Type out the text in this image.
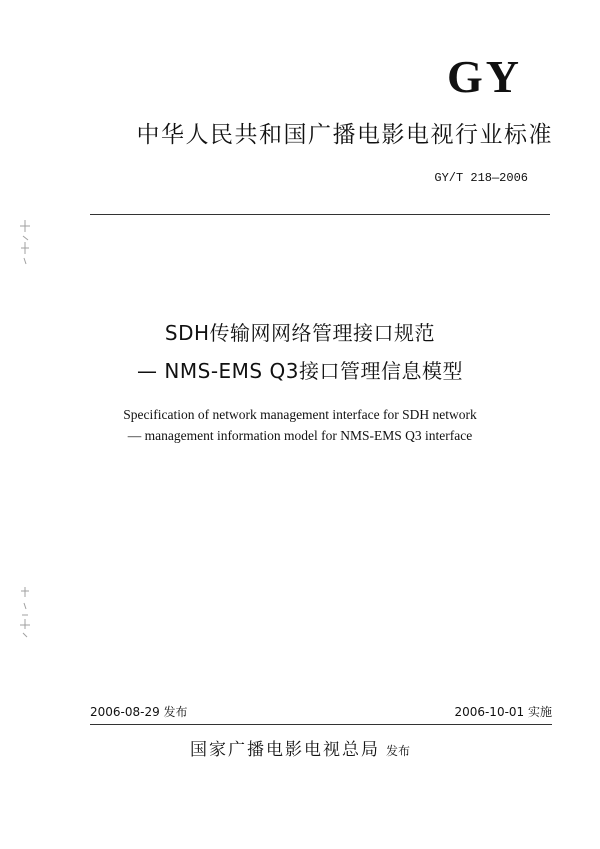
GY
中华人民共和国广播电影电视行业标准
GY/T 218—2006
SDH传输网网络管理接口规范
— NMS-EMS Q3接口管理信息模型
Specification of network management interface for SDH network
— management information model for NMS-EMS Q3 interface
2006-08-29 发布	2006-10-01 实施
国家广播电影电视总局 发布
